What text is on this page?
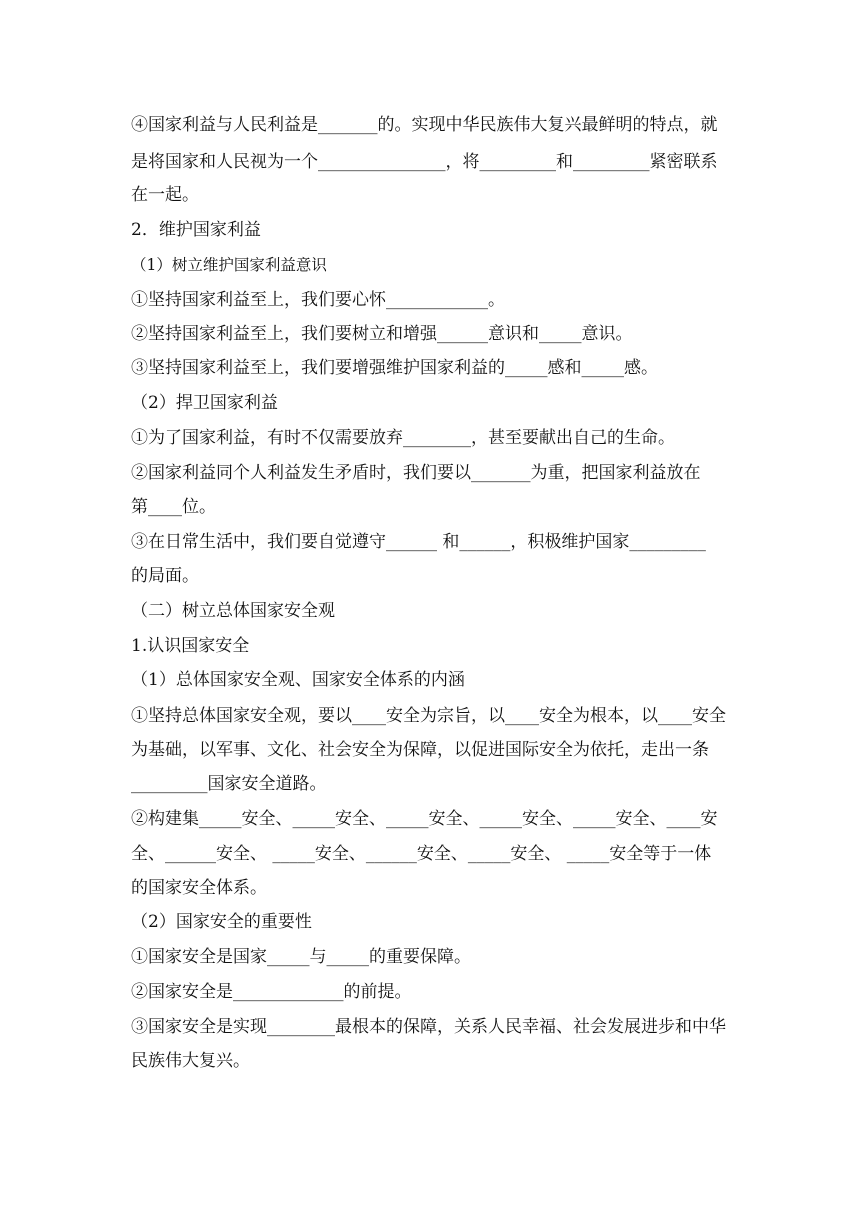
④国家利益与人民利益是_______的。实现中华民族伟大复兴最鲜明的特点，就
是将国家和人民视为一个_______________，将_________和_________紧密联系
在一起。
2．维护国家利益
（1）树立维护国家利益意识
①坚持国家利益至上，我们要心怀____________。
②坚持国家利益至上，我们要树立和增强______意识和_____意识。
③坚持国家利益至上，我们要增强维护国家利益的_____感和_____感。
（2）捍卫国家利益
①为了国家利益，有时不仅需要放弃________，甚至要献出自己的生命。
②国家利益同个人利益发生矛盾时，我们要以_______为重，把国家利益放在
第____位。
③在日常生活中，我们要自觉遵守______ 和______，积极维护国家_________
的局面。
（二）树立总体国家安全观
1.认识国家安全
（1）总体国家安全观、国家安全体系的内涵
①坚持总体国家安全观，要以____安全为宗旨，以____安全为根本，以____安全
为基础，以军事、文化、社会安全为保障，以促进国际安全为依托，走出一条
_________国家安全道路。
②构建集_____安全、_____安全、_____安全、_____安全、_____安全、____安
全、______安全、 _____安全、______安全、_____安全、 _____安全等于一体
的国家安全体系。
（2）国家安全的重要性
①国家安全是国家_____与_____的重要保障。
②国家安全是_____________的前提。
③国家安全是实现________最根本的保障，关系人民幸福、社会发展进步和中华
民族伟大复兴。
